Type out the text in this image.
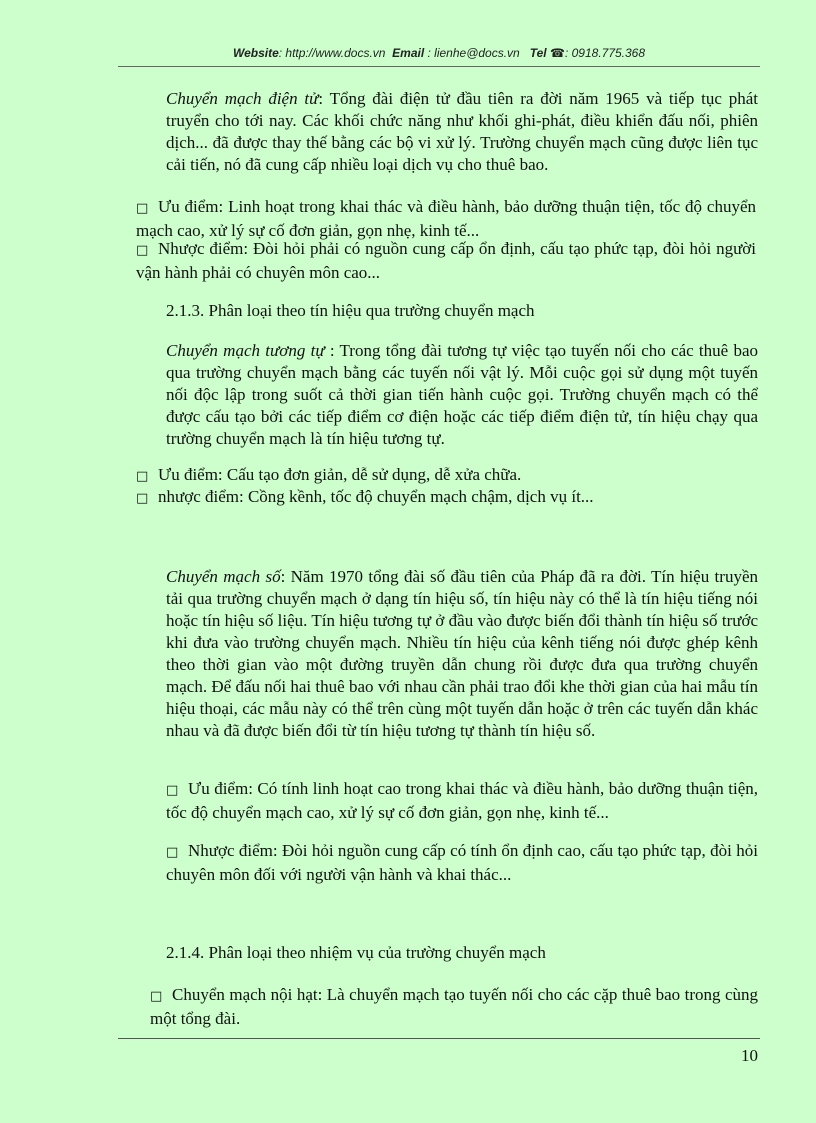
Website: http://www.docs.vn Email : lienhe@docs.vn Tel ☎: 0918.775.368
Chuyển mạch điện tử: Tổng đài điện tử đầu tiên ra đời năm 1965 và tiếp tục phát truyển cho tới nay. Các khối chức năng như khối ghi-phát, điều khiển đấu nối, phiên dịch... đã được thay thế bằng các bộ vi xử lý. Trường chuyển mạch cũng được liên tục cải tiến, nó đã cung cấp nhiều loại dịch vụ cho thuê bao.
□ Ưu điểm: Linh hoạt trong khai thác và điều hành, bảo dưỡng thuận tiện, tốc độ chuyển mạch cao, xử lý sự cố đơn giản, gọn nhẹ, kinh tế...
□ Nhược điểm: Đòi hỏi phải có nguồn cung cấp ổn định, cấu tạo phức tạp, đòi hỏi người vận hành phải có chuyên môn cao...
2.1.3. Phân loại theo tín hiệu qua trường chuyển mạch
Chuyển mạch tương tự : Trong tổng đài tương tự việc tạo tuyến nối cho các thuê bao qua trường chuyển mạch bằng các tuyến nối vật lý. Mỗi cuộc gọi sử dụng một tuyến nối độc lập trong suốt cả thời gian tiến hành cuộc gọi. Trường chuyển mạch có thể được cấu tạo bởi các tiếp điểm cơ điện hoặc các tiếp điểm điện tử, tín hiệu chạy qua trường chuyển mạch là tín hiệu tương tự.
□ Ưu điểm: Cấu tạo đơn giản, dễ sử dụng, dễ xửa chữa.
□ nhược điểm: Cồng kềnh, tốc độ chuyển mạch chậm, dịch vụ ít...
Chuyển mạch số: Năm 1970 tổng đài số đầu tiên của Pháp đã ra đời. Tín hiệu truyền tải qua trường chuyển mạch ở dạng tín hiệu số, tín hiệu này có thể là tín hiệu tiếng nói hoặc tín hiệu số liệu. Tín hiệu tương tự ở đầu vào được biến đổi thành tín hiệu số trước khi đưa vào trường chuyển mạch. Nhiều tín hiệu của kênh tiếng nói được ghép kênh theo thời gian vào một đường truyền dẫn chung rồi được đưa qua trường chuyển mạch. Để đấu nối hai thuê bao với nhau cần phải trao đổi khe thời gian của hai mẫu tín hiệu thoại, các mẫu này có thể trên cùng một tuyến dẫn hoặc ở trên các tuyến dẫn khác nhau và đã được biến đổi từ tín hiệu tương tự thành tín hiệu số.
□ Ưu điểm: Có tính linh hoạt cao trong khai thác và điều hành, bảo dưỡng thuận tiện, tốc độ chuyển mạch cao, xử lý sự cố đơn giản, gọn nhẹ, kinh tế...
□ Nhược điểm: Đòi hỏi nguồn cung cấp có tính ổn định cao, cấu tạo phức tạp, đòi hỏi chuyên môn đối với người vận hành và khai thác...
2.1.4. Phân loại theo nhiệm vụ của trường chuyển mạch
□ Chuyển mạch nội hạt: Là chuyển mạch tạo tuyến nối cho các cặp thuê bao trong cùng một tổng đài.
10
